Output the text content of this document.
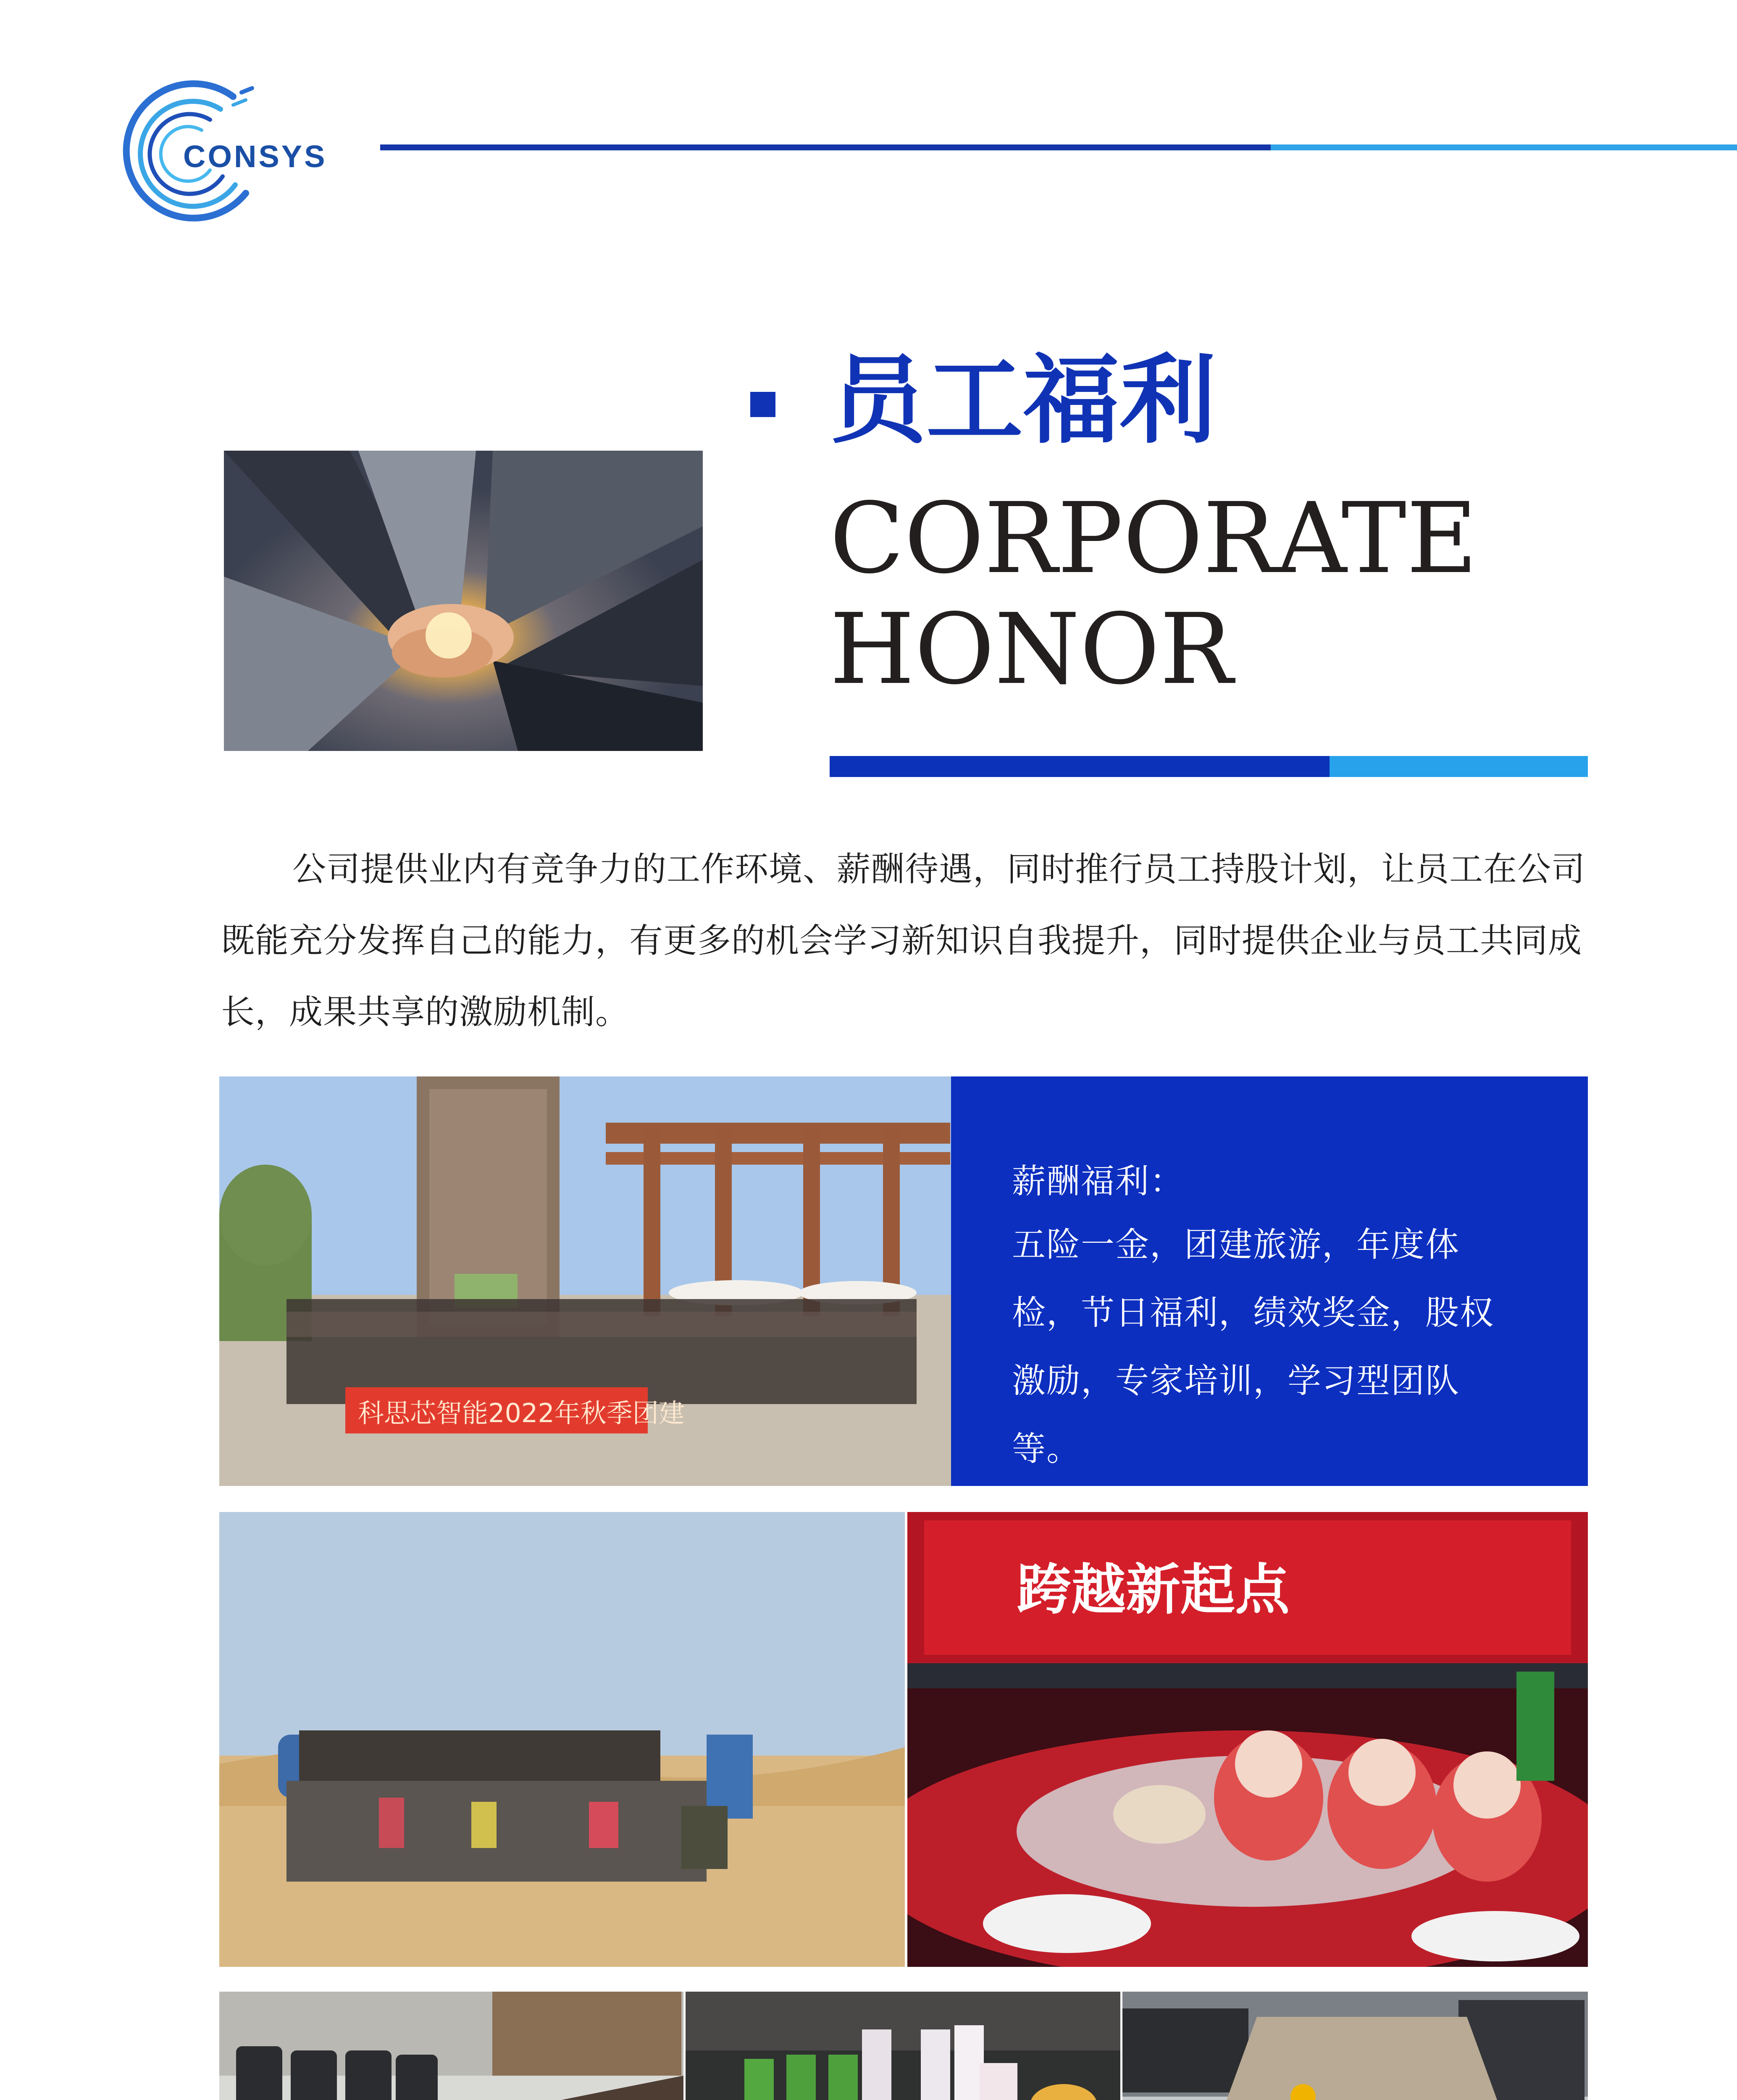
CONSYS
员工福利
CORPORATE
HONOR
公司提供业内有竞争力的工作环境、薪酬待遇，同时推行员工持股计划，让员工在公司既能充分发挥自己的能力，有更多的机会学习新知识自我提升，同时提供企业与员工共同成长，成果共享的激励机制。
科思芯智能2022年秋季团建
薪酬福利：
五险一金，团建旅游，年度体检，节日福利，绩效奖金，股权激励，专家培训，学习型团队等。
跨越新起点
